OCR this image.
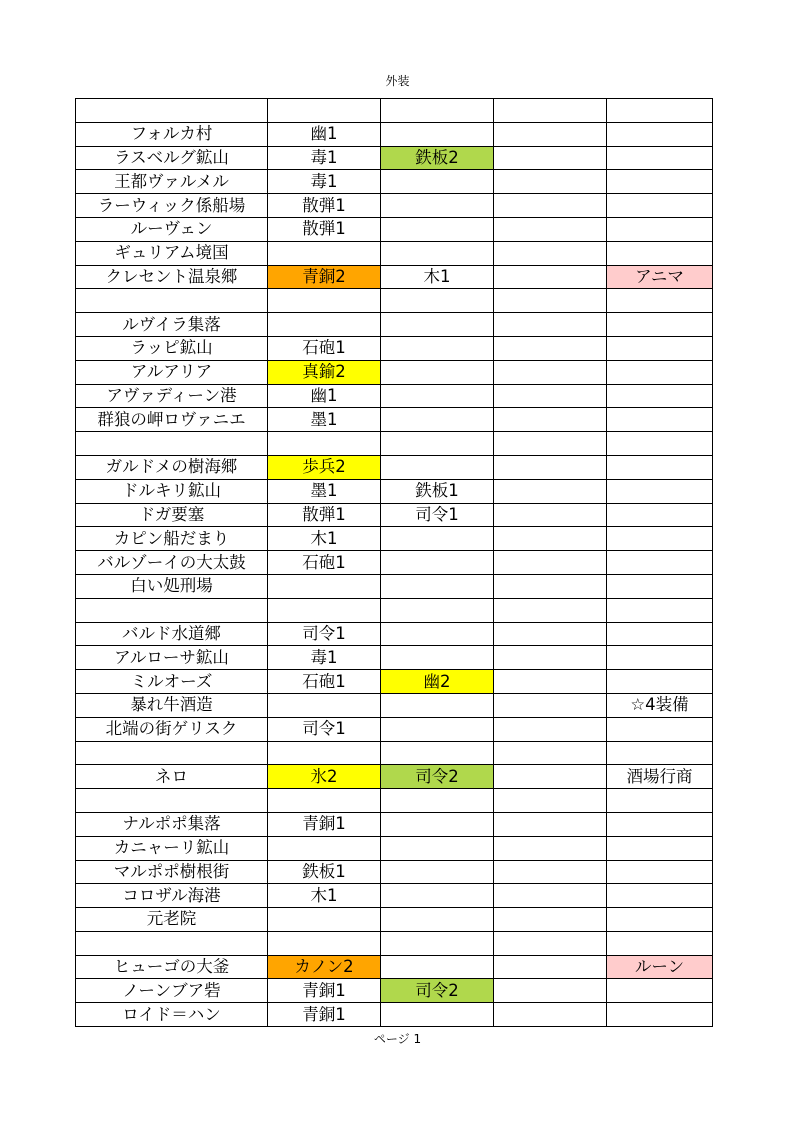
外装

フォルカ村	幽1			
ラスベルグ鉱山	毒1	鉄板2		
王都ヴァルメル	毒1			
ラーウィック係船場	散弾1			
ルーヴェン	散弾1			
ギュリアム境国				
クレセント温泉郷	青銅2	木1		アニマ

ルヴイラ集落				
ラッピ鉱山	石砲1			
アルアリア	真鍮2			
アヴァディーン港	幽1			
群狼の岬ロヴァニエ	墨1			

ガルドメの樹海郷	歩兵2			
ドルキリ鉱山	墨1	鉄板1		
ドガ要塞	散弾1	司令1		
カピン船だまり	木1			
バルゾーイの大太鼓	石砲1			
白い処刑場				

バルド水道郷	司令1			
アルローサ鉱山	毒1			
ミルオーズ	石砲1	幽2		
暴れ牛酒造				☆4装備
北端の街ゲリスク	司令1			

ネロ	氷2	司令2		酒場行商

ナルポポ集落	青銅1			
カニャーリ鉱山				
マルポポ樹根街	鉄板1			
コロザル海港	木1			
元老院				

ヒューゴの大釜	カノン2			ルーン
ノーンブア砦	青銅1	司令2		
ロイド＝ハン	青銅1			
ページ 1
